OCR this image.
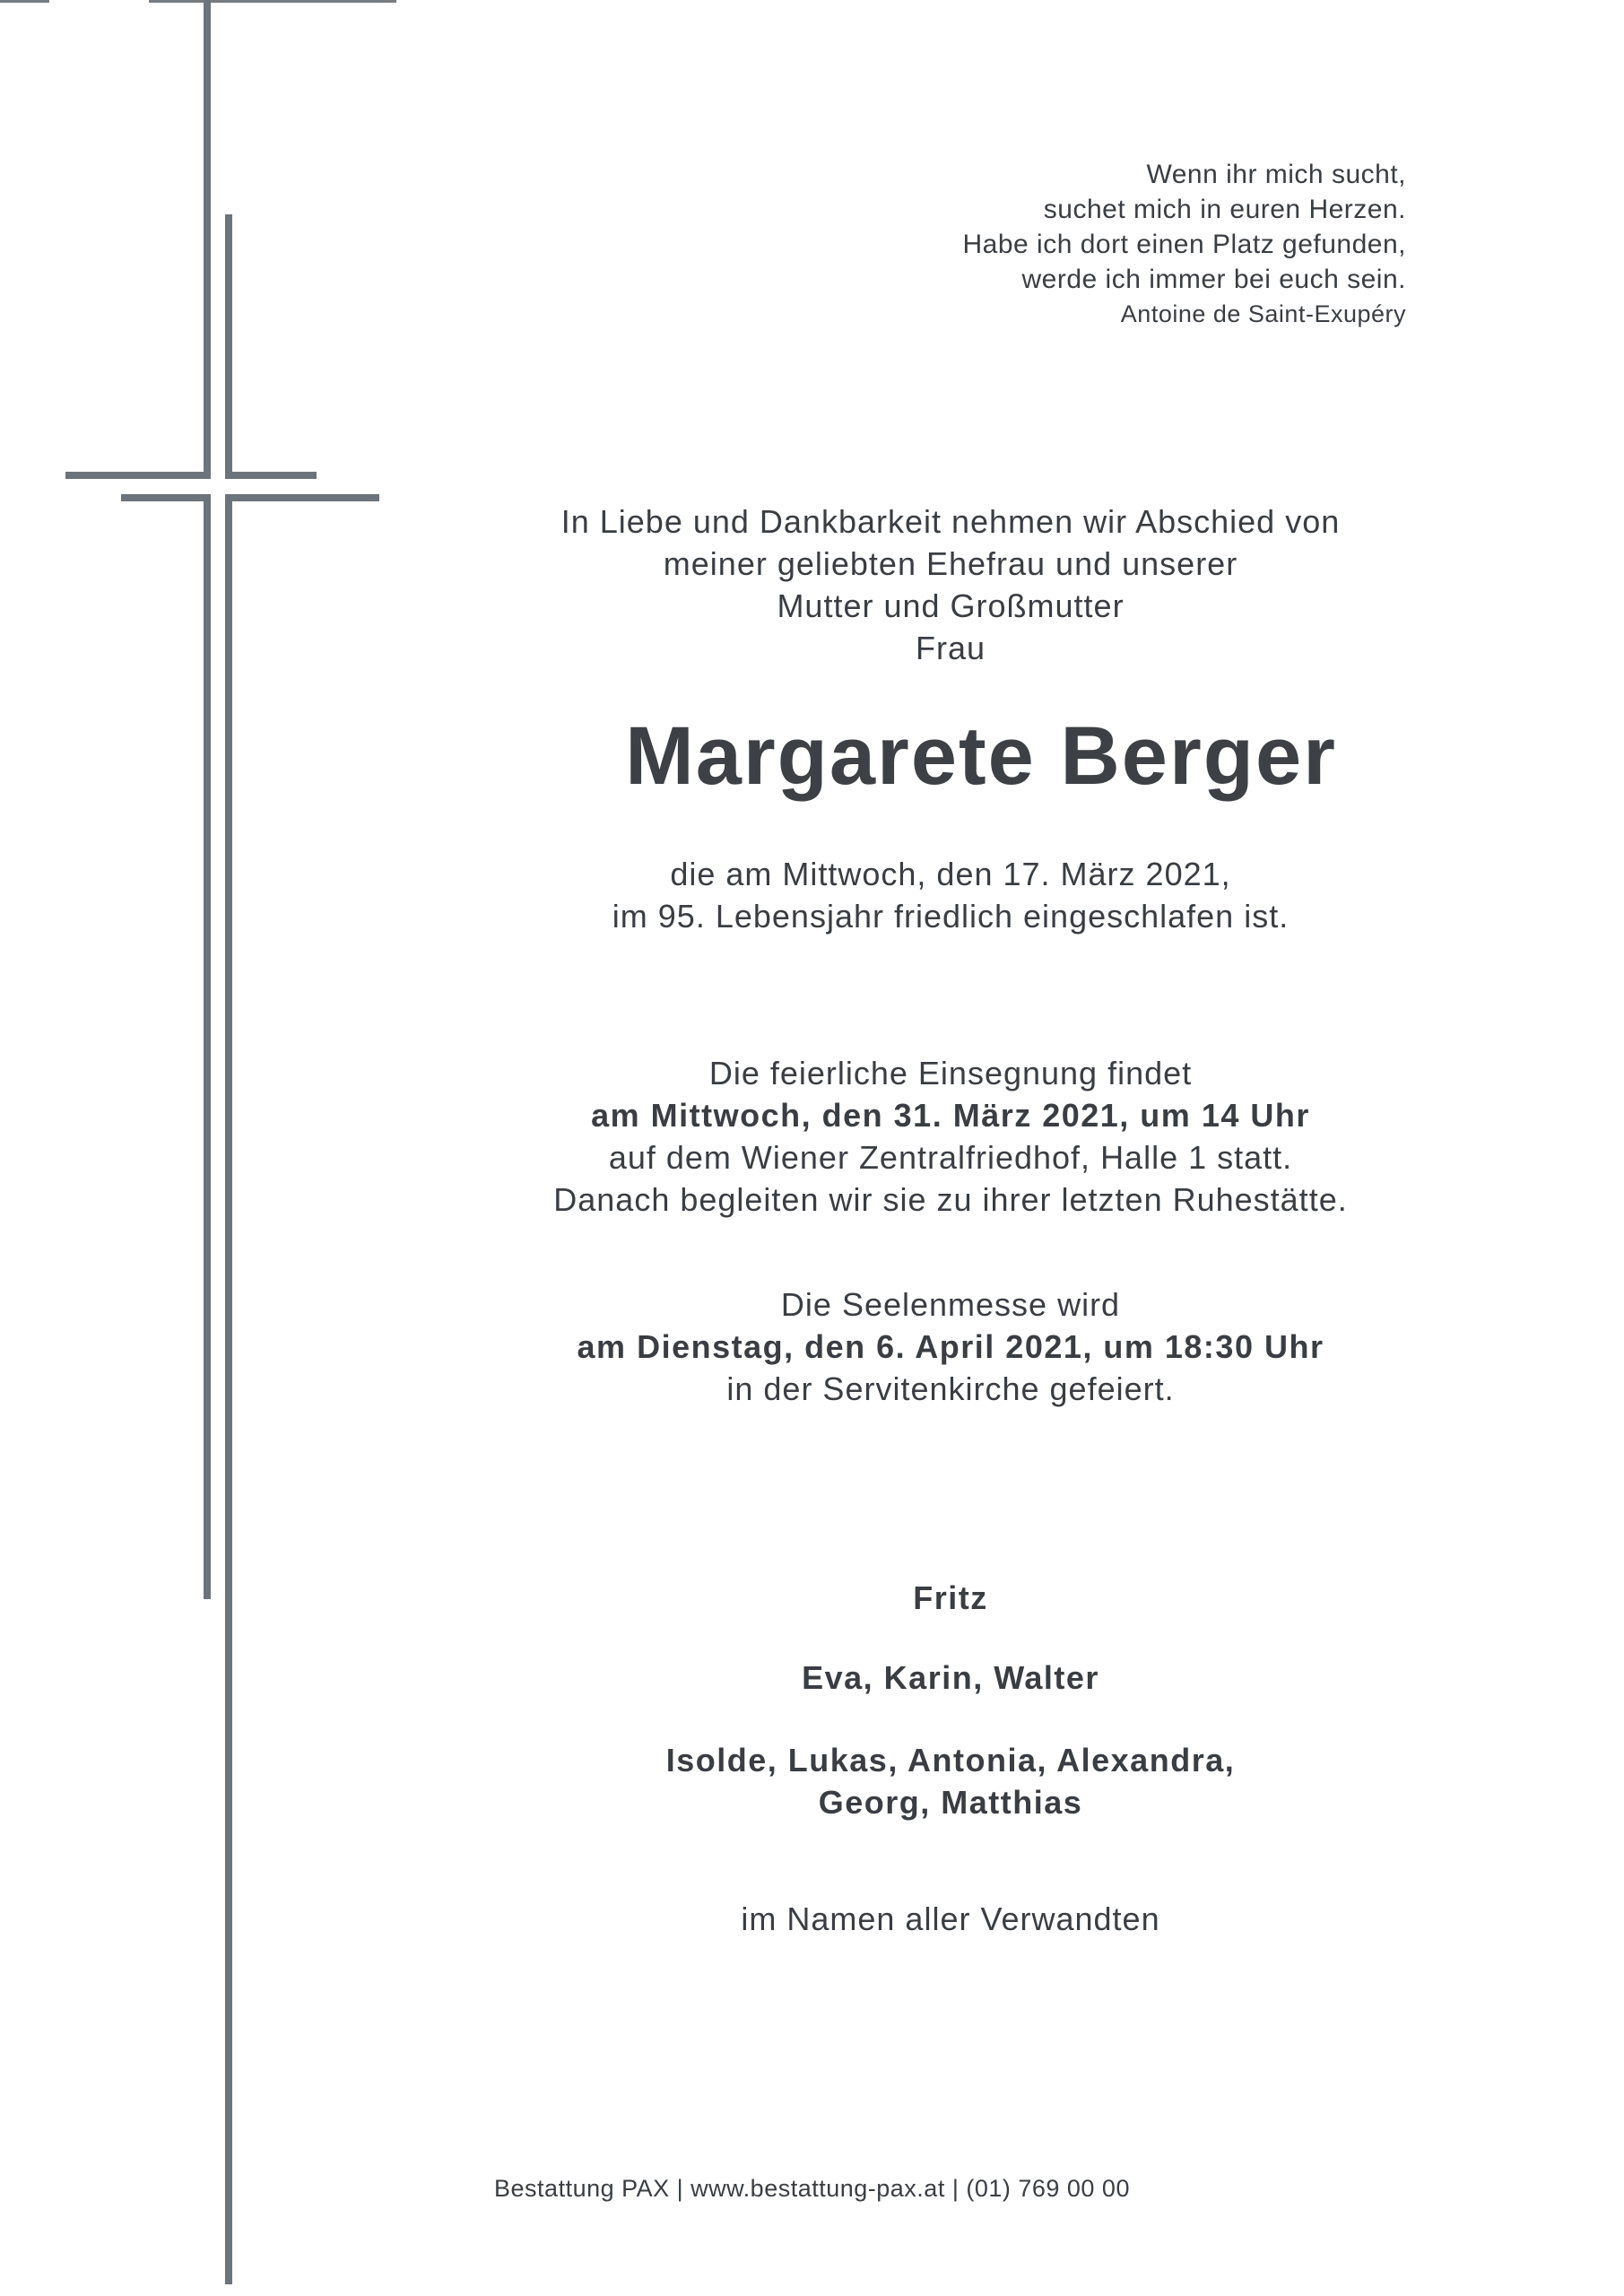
Wenn ihr mich sucht,
suchet mich in euren Herzen.
Habe ich dort einen Platz gefunden,
werde ich immer bei euch sein.
Antoine de Saint-Exupéry
In Liebe und Dankbarkeit nehmen wir Abschied von
meiner geliebten Ehefrau und unserer
Mutter und Großmutter
Frau
Margarete Berger
die am Mittwoch, den 17. März 2021,
im 95. Lebensjahr friedlich eingeschlafen ist.
Die feierliche Einsegnung findet
am Mittwoch, den 31. März 2021, um 14 Uhr
auf dem Wiener Zentralfriedhof, Halle 1 statt.
Danach begleiten wir sie zu ihrer letzten Ruhestätte.
Die Seelenmesse wird
am Dienstag, den 6. April 2021, um 18:30 Uhr
in der Servitenkirche gefeiert.
Fritz
Eva, Karin, Walter
Isolde, Lukas, Antonia, Alexandra,
Georg, Matthias
im Namen aller Verwandten
Bestattung PAX | www.bestattung-pax.at | (01) 769 00 00
